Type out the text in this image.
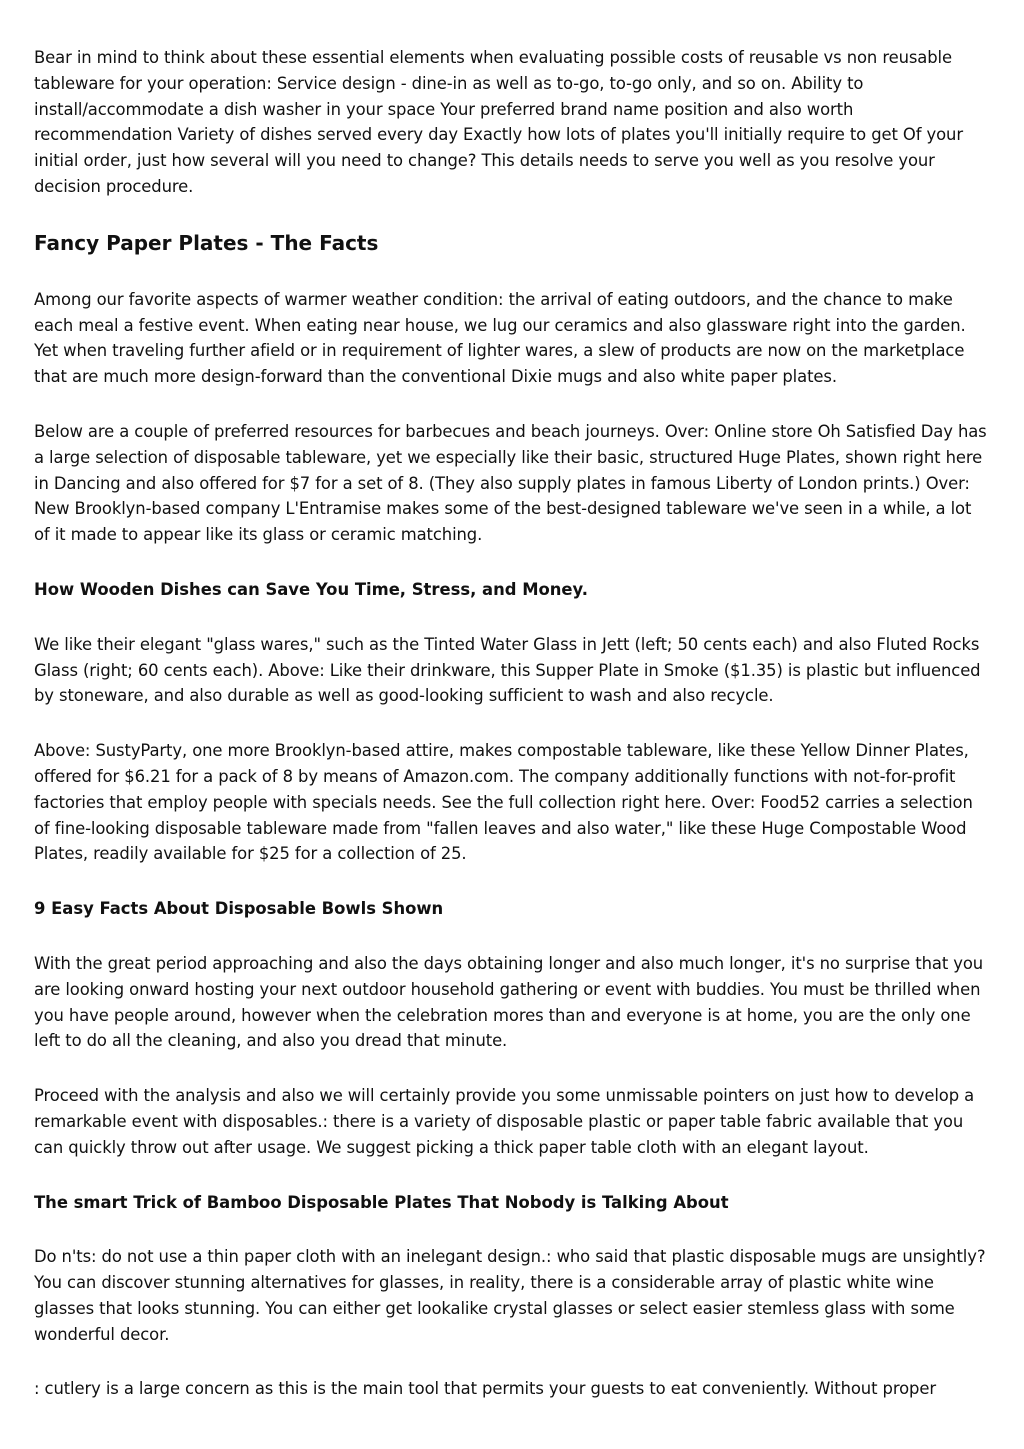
Bear in mind to think about these essential elements when evaluating possible costs of reusable vs non reusable tableware for your operation: Service design - dine-in as well as to-go, to-go only, and so on. Ability to install/accommodate a dish washer in your space Your preferred brand name position and also worth recommendation Variety of dishes served every day Exactly how lots of plates you'll initially require to get Of your initial order, just how several will you need to change? This details needs to serve you well as you resolve your decision procedure.

Fancy Paper Plates - The Facts

Among our favorite aspects of warmer weather condition: the arrival of eating outdoors, and the chance to make each meal a festive event. When eating near house, we lug our ceramics and also glassware right into the garden. Yet when traveling further afield or in requirement of lighter wares, a slew of products are now on the marketplace that are much more design-forward than the conventional Dixie mugs and also white paper plates.

Below are a couple of preferred resources for barbecues and beach journeys. Over: Online store Oh Satisfied Day has a large selection of disposable tableware, yet we especially like their basic, structured Huge Plates, shown right here in Dancing and also offered for $7 for a set of 8. (They also supply plates in famous Liberty of London prints.) Over: New Brooklyn-based company L'Entramise makes some of the best-designed tableware we've seen in a while, a lot of it made to appear like its glass or ceramic matching.

How Wooden Dishes can Save You Time, Stress, and Money.

We like their elegant "glass wares," such as the Tinted Water Glass in Jett (left; 50 cents each) and also Fluted Rocks Glass (right; 60 cents each). Above: Like their drinkware, this Supper Plate in Smoke ($1.35) is plastic but influenced by stoneware, and also durable as well as good-looking sufficient to wash and also recycle.

Above: SustyParty, one more Brooklyn-based attire, makes compostable tableware, like these Yellow Dinner Plates, offered for $6.21 for a pack of 8 by means of Amazon.com. The company additionally functions with not-for-profit factories that employ people with specials needs. See the full collection right here. Over: Food52 carries a selection of fine-looking disposable tableware made from "fallen leaves and also water," like these Huge Compostable Wood Plates, readily available for $25 for a collection of 25.

9 Easy Facts About Disposable Bowls Shown

With the great period approaching and also the days obtaining longer and also much longer, it's no surprise that you are looking onward hosting your next outdoor household gathering or event with buddies. You must be thrilled when you have people around, however when the celebration mores than and everyone is at home, you are the only one left to do all the cleaning, and also you dread that minute.

Proceed with the analysis and also we will certainly provide you some unmissable pointers on just how to develop a remarkable event with disposables.: there is a variety of disposable plastic or paper table fabric available that you can quickly throw out after usage. We suggest picking a thick paper table cloth with an elegant layout.

The smart Trick of Bamboo Disposable Plates That Nobody is Talking About

Do n'ts: do not use a thin paper cloth with an inelegant design.: who said that plastic disposable mugs are unsightly? You can discover stunning alternatives for glasses, in reality, there is a considerable array of plastic white wine glasses that looks stunning. You can either get lookalike crystal glasses or select easier stemless glass with some wonderful decor.

: cutlery is a large concern as this is the main tool that permits your guests to eat conveniently. Without proper
